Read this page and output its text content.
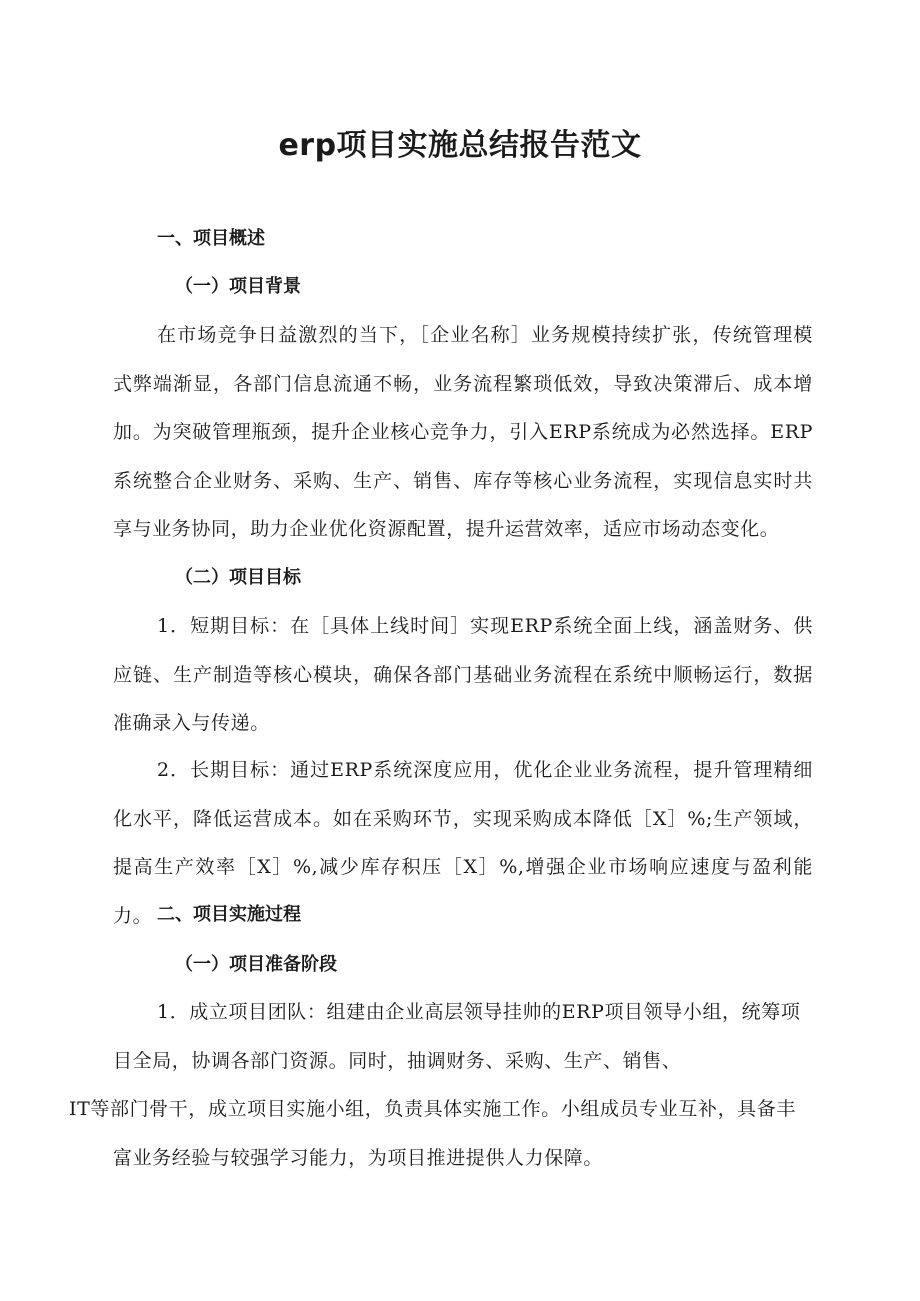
erp项目实施总结报告范文
一、项目概述
（一）项目背景

在市场竞争日益激烈的当下，［企业名称］业务规模持续扩张，传统管理模式弊端渐显，各部门信息流通不畅，业务流程繁琐低效，导致决策滞后、成本增加。为突破管理瓶颈，提升企业核心竞争力，引入ERP系统成为必然选择。ERP系统整合企业财务、采购、生产、销售、库存等核心业务流程，实现信息实时共享与业务协同，助力企业优化资源配置，提升运营效率，适应市场动态变化。

（二）项目目标

1．短期目标：在［具体上线时间］实现ERP系统全面上线，涵盖财务、供应链、生产制造等核心模块，确保各部门基础业务流程在系统中顺畅运行，数据准确录入与传递。

2．长期目标：通过ERP系统深度应用，优化企业业务流程，提升管理精细化水平，降低运营成本。如在采购环节，实现采购成本降低［X］%;生产领域，提高生产效率［X］%,减少库存积压［X］%,增强企业市场响应速度与盈利能力。 二、项目实施过程
（一）项目准备阶段

1．成立项目团队：组建由企业高层领导挂帅的ERP项目领导小组，统筹项目全局，协调各部门资源。同时，抽调财务、采购、生产、销售、
IT等部门骨干，成立项目实施小组，负责具体实施工作。小组成员专业互补，具备丰富业务经验与较强学习能力，为项目推进提供人力保障。
